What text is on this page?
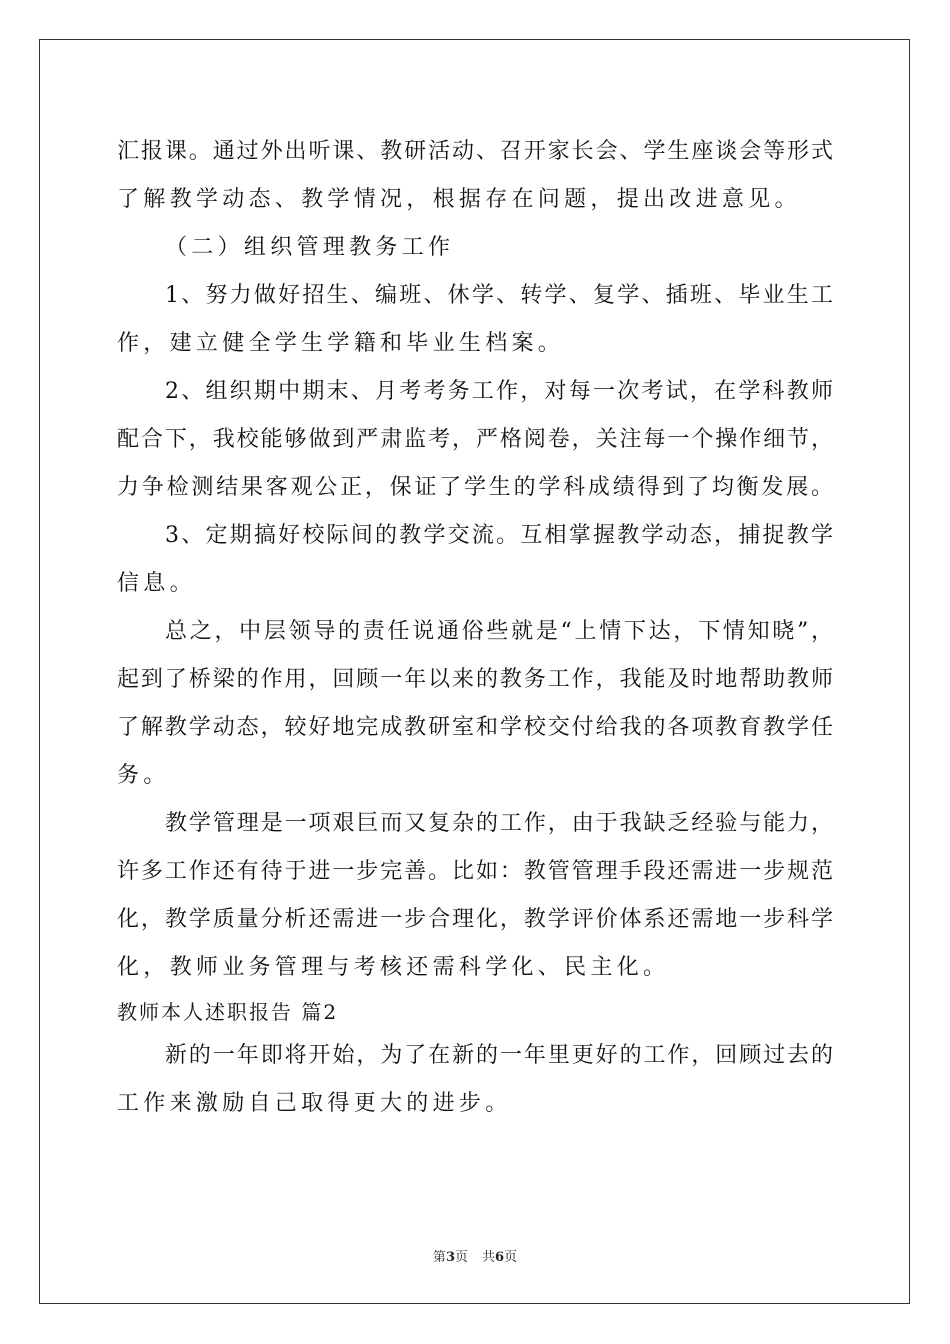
汇报课。通过外出听课、教研活动、召开家长会、学生座谈会等形式
了解教学动态、教学情况，根据存在问题，提出改进意见。
（二）组织管理教务工作
1、努力做好招生、编班、休学、转学、复学、插班、毕业生工
作，建立健全学生学籍和毕业生档案。
2、组织期中期末、月考考务工作，对每一次考试，在学科教师
配合下，我校能够做到严肃监考，严格阅卷，关注每一个操作细节，
力争检测结果客观公正，保证了学生的学科成绩得到了均衡发展。
3、定期搞好校际间的教学交流。互相掌握教学动态，捕捉教学
信息。
总之，中层领导的责任说通俗些就是“上情下达，下情知晓”，
起到了桥梁的作用，回顾一年以来的教务工作，我能及时地帮助教师
了解教学动态，较好地完成教研室和学校交付给我的各项教育教学任
务。
教学管理是一项艰巨而又复杂的工作，由于我缺乏经验与能力，
许多工作还有待于进一步完善。比如：教管管理手段还需进一步规范
化，教学质量分析还需进一步合理化，教学评价体系还需地一步科学
化，教师业务管理与考核还需科学化、民主化。
教师本人述职报告 篇2
新的一年即将开始，为了在新的一年里更好的工作，回顾过去的
工作来激励自己取得更大的进步。
第3页 共6页
